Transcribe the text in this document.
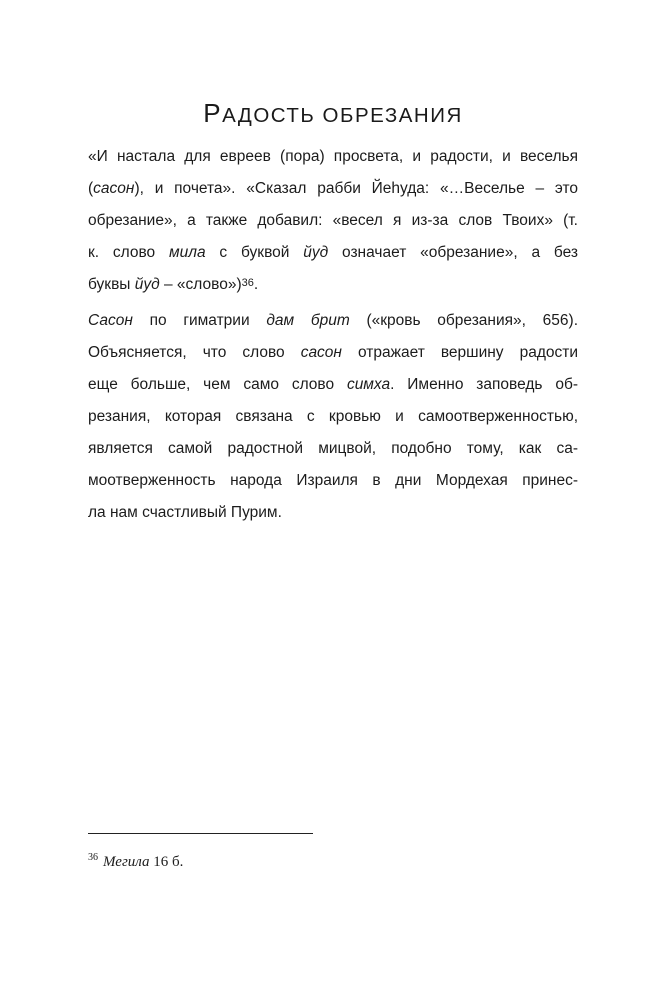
РАДОСТЬ ОБРЕЗАНИЯ
«И настала для евреев (пора) просвета, и радости, и веселья
(сасон), и почета». «Сказал рабби Йеhуда: «…Веселье – это
обрезание», а также добавил: «весел я из-за слов Твоих» (т.
к. слово мила с буквой йуд означает «обрезание», а без
буквы йуд – «слово»)$^{36}$.
Сасон по гиматрии дам брит («кровь обрезания», 656).
Объясняется, что слово сасон отражает вершину радости
еще больше, чем само слово симха. Именно заповедь об-
резания, которая связана с кровью и самоотверженностью,
является самой радостной мицвой, подобно тому, как са-
моотверженность народа Израиля в дни Мордехая принес-
ла нам счастливый Пурим.
$^{36}$ Мегила 16 б.
